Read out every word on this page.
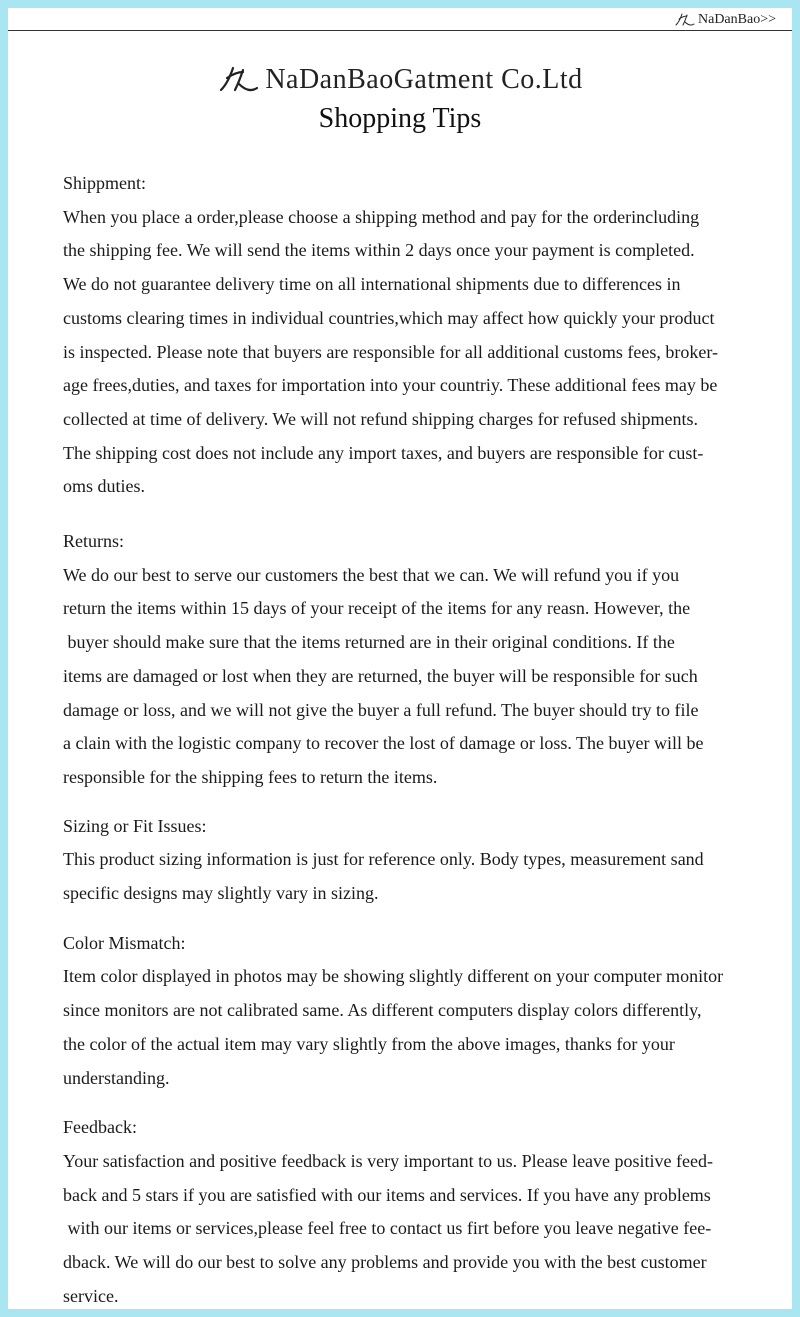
NaDanBao>>
NaDanBaoGatment Co.Ltd
Shopping Tips
Shippment:
When you place a order,please choose a shipping method and pay for the orderincluding
the shipping fee. We will send the items within 2 days once your payment is completed.
We do not guarantee delivery time on all international shipments due to differences in
customs clearing times in individual countries,which may affect how quickly your product
is inspected. Please note that buyers are responsible for all additional customs fees, broker-
age frees,duties, and taxes for importation into your countriy. These additional fees may be
collected at time of delivery. We will not refund shipping charges for refused shipments.
The shipping cost does not include any import taxes, and buyers are responsible for cust-
oms duties.
Returns:
We do our best to serve our customers the best that we can. We will refund you if you
return the items within 15 days of your receipt of the items for any reasn. However, the
buyer should make sure that the items returned are in their original conditions. If the
items are damaged or lost when they are returned, the buyer will be responsible for such
damage or loss, and we will not give the buyer a full refund. The buyer should try to file
a clain with the logistic company to recover the lost of damage or loss. The buyer will be
responsible for the shipping fees to return the items.
Sizing or Fit Issues:
This product sizing information is just for reference only. Body types, measurement sand
specific designs may slightly vary in sizing.
Color Mismatch:
Item color displayed in photos may be showing slightly different on your computer monitor
since monitors are not calibrated same. As different computers display colors differently,
the color of the actual item may vary slightly from the above images, thanks for your
understanding.
Feedback:
Your satisfaction and positive feedback is very important to us. Please leave positive feed-
back and 5 stars if you are satisfied with our items and services. If you have any problems
with our items or services,please feel free to contact us firt before you leave negative fee-
dback. We will do our best to solve any problems and provide you with the best customer
service.
